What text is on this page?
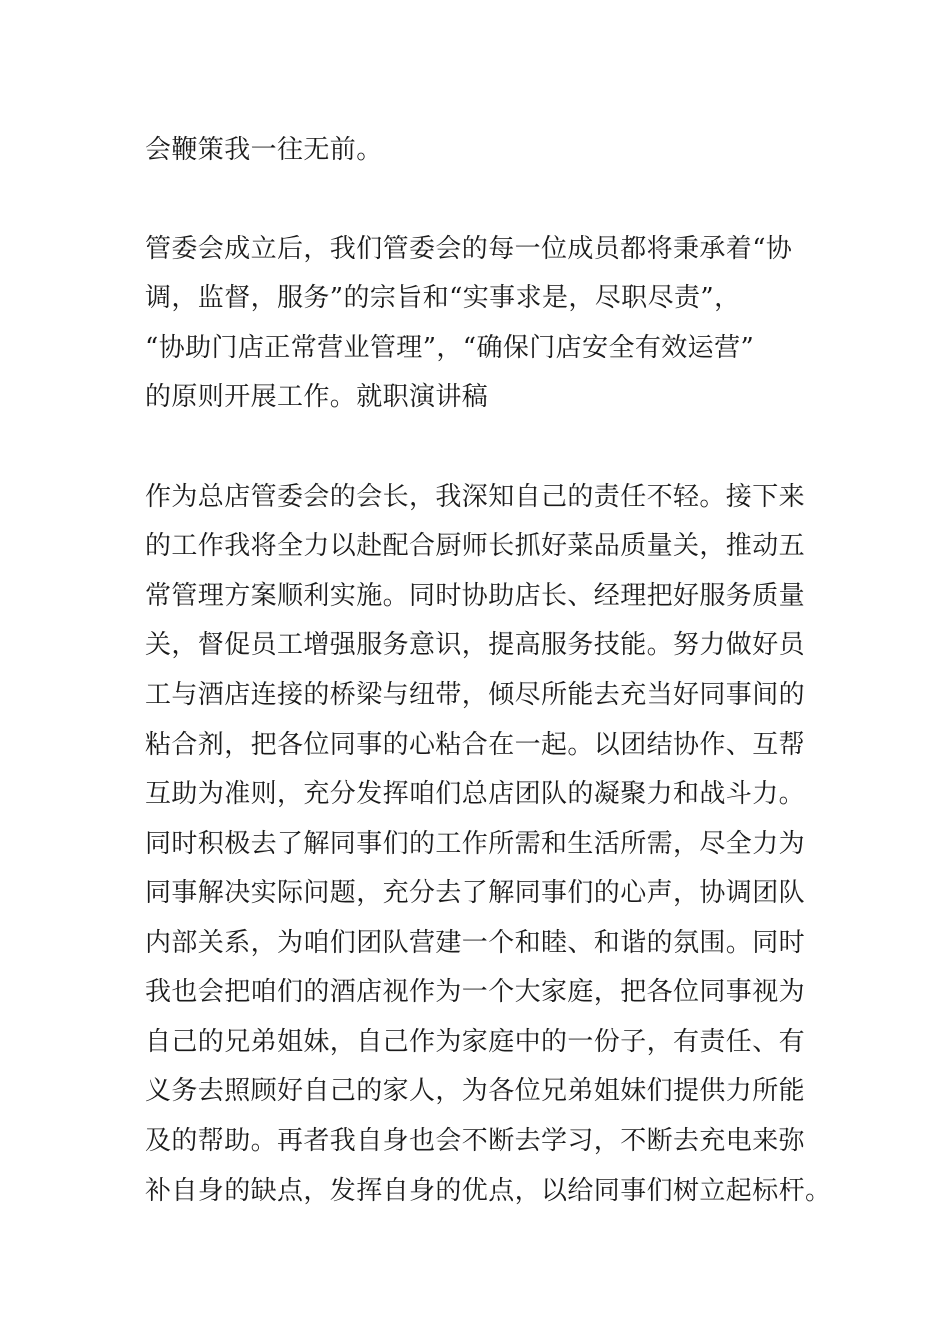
会鞭策我一往无前。
管委会成立后，我们管委会的每一位成员都将秉承着“协
调，监督，服务”的宗旨和“实事求是，尽职尽责”，
“协助门店正常营业管理”，“确保门店安全有效运营”
的原则开展工作。就职演讲稿
作为总店管委会的会长，我深知自己的责任不轻。接下来
的工作我将全力以赴配合厨师长抓好菜品质量关，推动五
常管理方案顺利实施。同时协助店长、经理把好服务质量
关，督促员工增强服务意识，提高服务技能。努力做好员
工与酒店连接的桥梁与纽带，倾尽所能去充当好同事间的
粘合剂，把各位同事的心粘合在一起。以团结协作、互帮
互助为准则，充分发挥咱们总店团队的凝聚力和战斗力。
同时积极去了解同事们的工作所需和生活所需，尽全力为
同事解决实际问题，充分去了解同事们的心声，协调团队
内部关系，为咱们团队营建一个和睦、和谐的氛围。同时
我也会把咱们的酒店视作为一个大家庭，把各位同事视为
自己的兄弟姐妹，自己作为家庭中的一份子，有责任、有
义务去照顾好自己的家人，为各位兄弟姐妹们提供力所能
及的帮助。再者我自身也会不断去学习，不断去充电来弥
补自身的缺点，发挥自身的优点，以给同事们树立起标杆。
